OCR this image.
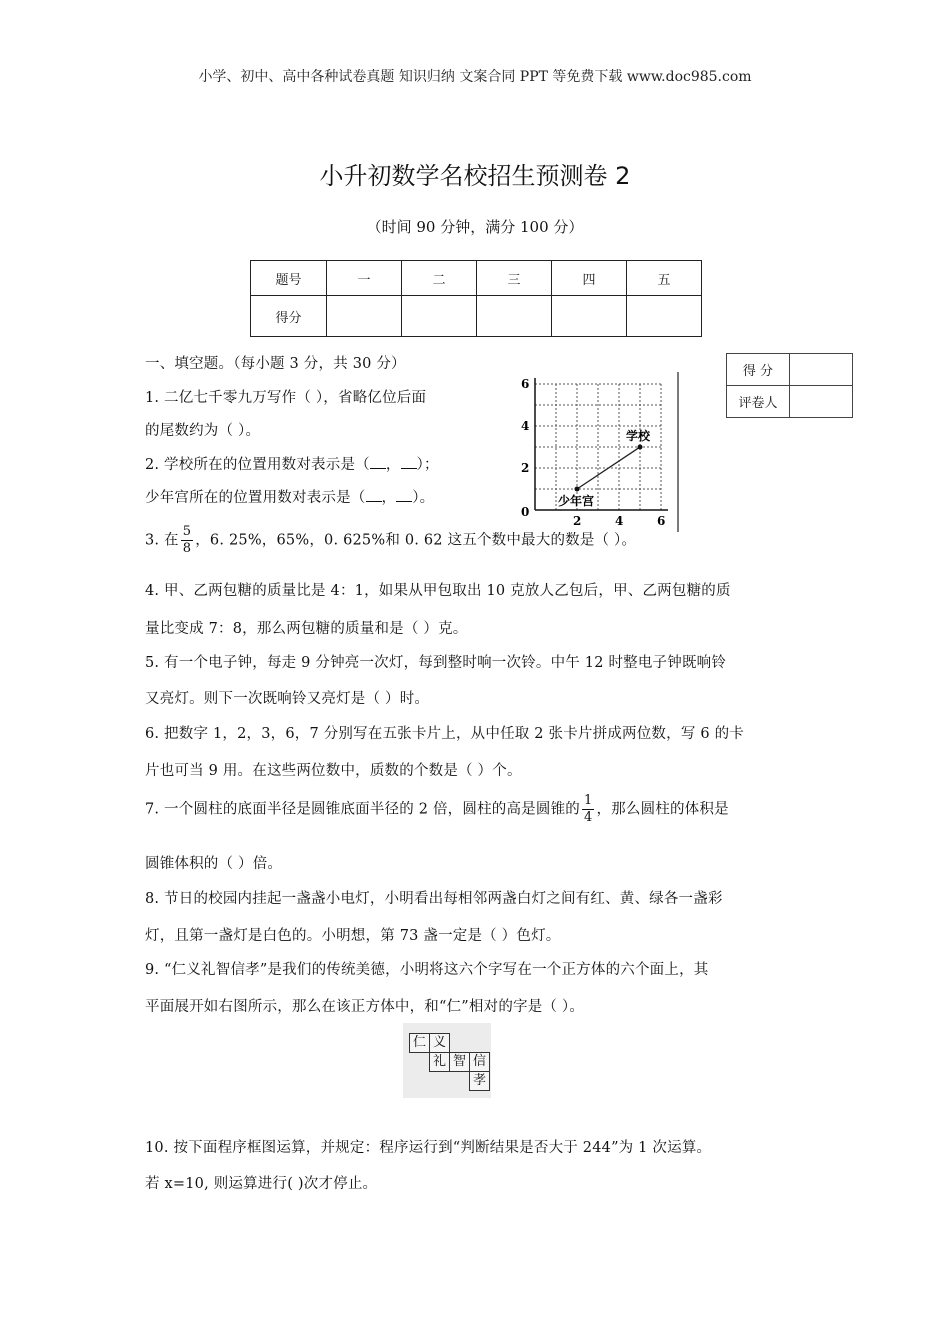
小学、初中、高中各种试卷真题 知识归纳 文案合同 PPT 等免费下载 www.doc985.com
小升初数学名校招生预测卷 2
（时间 90 分钟，满分 100 分）
题号	一	二	三	四	五
得分					
得 分	
评卷人	
一、填空题。（每小题 3 分，共 30 分）
1. 二亿七千零九万写作（ ），省略亿位后面
的尾数约为（ ）。
2. 学校所在的位置用数对表示是（ ， ）；
少年宫所在的位置用数对表示是（ ， ）。
6
4
2
0
2	4	6
学校
少年宫
3. 在 $\frac{5}{8}$ ，6. 25%，65%，0. 625%和 0. 62 这五个数中最大的数是（ ）。
4. 甲、乙两包糖的质量比是 4：1，如果从甲包取出 10 克放人乙包后，甲、乙两包糖的质
量比变成 7：8，那么两包糖的质量和是（ ）克。
5. 有一个电子钟，每走 9 分钟亮一次灯，每到整时响一次铃。中午 12 时整电子钟既响铃
又亮灯。则下一次既响铃又亮灯是（ ）时。
6. 把数字 1，2，3，6，7 分别写在五张卡片上，从中任取 2 张卡片拼成两位数，写 6 的卡
片也可当 9 用。在这些两位数中，质数的个数是（ ）个。
7. 一个圆柱的底面半径是圆锥底面半径的 2 倍，圆柱的高是圆锥的 $\frac{1}{4}$ ，那么圆柱的体积是
圆锥体积的（ ）倍。
8. 节日的校园内挂起一盏盏小电灯，小明看出每相邻两盏白灯之间有红、黄、绿各一盏彩
灯，且第一盏灯是白色的。小明想，第 73 盏一定是（ ）色灯。
9. “仁义礼智信孝”是我们的传统美德，小明将这六个字写在一个正方体的六个面上，其
平面展开如右图所示，那么在该正方体中，和“仁”相对的字是（ ）。
仁 义
礼 智 信
孝
10. 按下面程序框图运算，并规定：程序运行到“判断结果是否大于 244”为 1 次运算。
若 x=10, 则运算进行( )次才停止。
